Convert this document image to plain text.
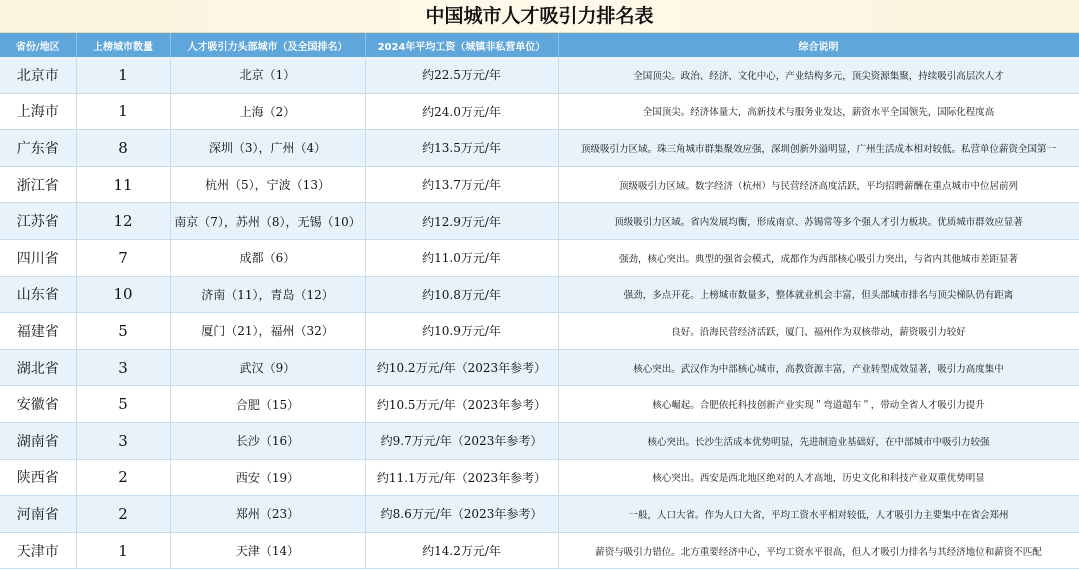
中国城市人才吸引力排名表
省份/地区	上榜城市数量	人才吸引力头部城市（及全国排名）	2024年平均工资（城镇非私营单位）	综合说明
北京市	1	北京（1）	约22.5万元/年	全国顶尖。政治、经济、文化中心，产业结构多元，顶尖资源集聚，持续吸引高层次人才
上海市	1	上海（2）	约24.0万元/年	全国顶尖。经济体量大，高新技术与服务业发达，薪资水平全国领先，国际化程度高
广东省	8	深圳（3），广州（4）	约13.5万元/年	顶级吸引力区域。珠三角城市群集聚效应强，深圳创新外溢明显，广州生活成本相对较低。私营单位薪资全国第一
浙江省	11	杭州（5），宁波（13）	约13.7万元/年	顶级吸引力区域。数字经济（杭州）与民营经济高度活跃，平均招聘薪酬在重点城市中位居前列
江苏省	12	南京（7），苏州（8），无锡（10）	约12.9万元/年	顶级吸引力区域。省内发展均衡，形成南京、苏锡常等多个强人才引力板块。优质城市群效应显著
四川省	7	成都（6）	约11.0万元/年	强劲，核心突出。典型的强省会模式，成都作为西部核心吸引力突出，与省内其他城市差距显著
山东省	10	济南（11），青岛（12）	约10.8万元/年	强劲，多点开花。上榜城市数量多，整体就业机会丰富，但头部城市排名与顶尖梯队仍有距离
福建省	5	厦门（21），福州（32）	约10.9万元/年	良好。沿海民营经济活跃，厦门、福州作为双核带动，薪资吸引力较好
湖北省	3	武汉（9）	约10.2万元/年（2023年参考）	核心突出。武汉作为中部核心城市，高教资源丰富，产业转型成效显著，吸引力高度集中
安徽省	5	合肥（15）	约10.5万元/年（2023年参考）	核心崛起。合肥依托科技创新产业实现＂弯道超车＂，带动全省人才吸引力提升
湖南省	3	长沙（16）	约9.7万元/年（2023年参考）	核心突出。长沙生活成本优势明显，先进制造业基础好，在中部城市中吸引力较强
陕西省	2	西安（19）	约11.1万元/年（2023年参考）	核心突出。西安是西北地区绝对的人才高地，历史文化和科技产业双重优势明显
河南省	2	郑州（23）	约8.6万元/年（2023年参考）	一般，人口大省。作为人口大省，平均工资水平相对较低，人才吸引力主要集中在省会郑州
天津市	1	天津（14）	约14.2万元/年	薪资与吸引力错位。北方重要经济中心，平均工资水平很高，但人才吸引力排名与其经济地位和薪资不匹配
